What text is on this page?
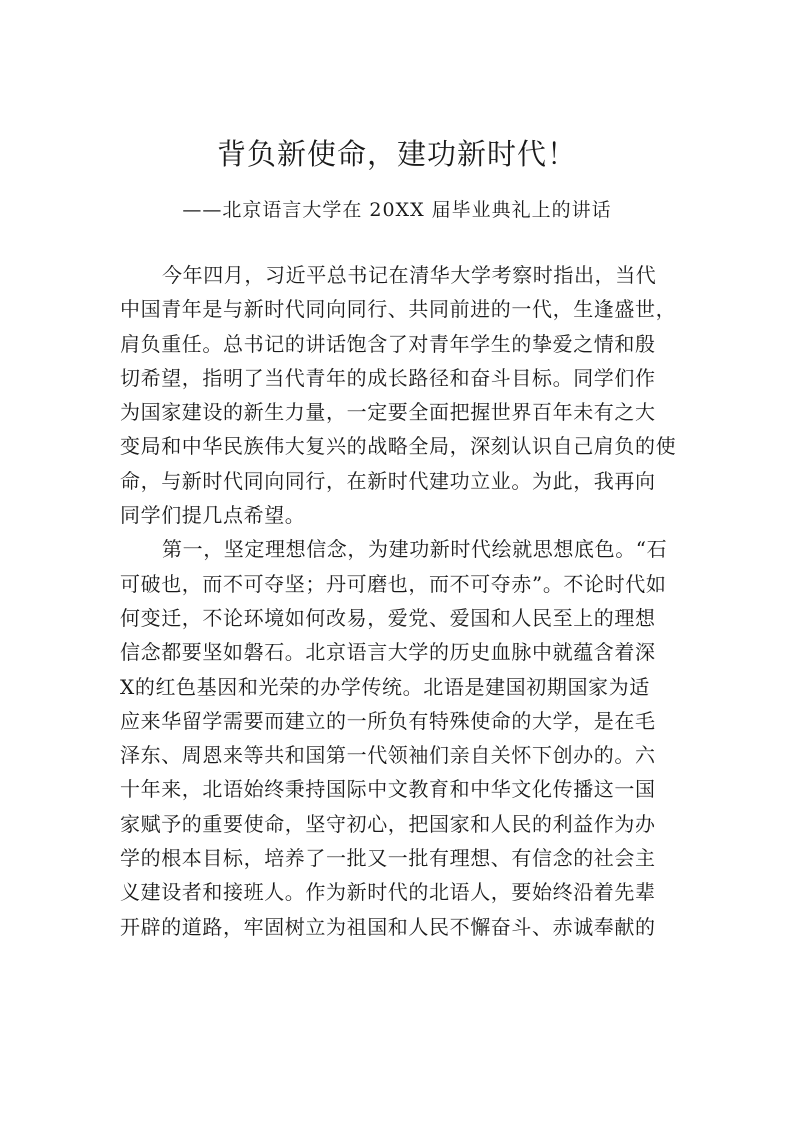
背负新使命，建功新时代！
——北京语言大学在 20XX 届毕业典礼上的讲话
今年四月，习近平总书记在清华大学考察时指出，当代
中国青年是与新时代同向同行、共同前进的一代，生逢盛世，
肩负重任。总书记的讲话饱含了对青年学生的挚爱之情和殷
切希望，指明了当代青年的成长路径和奋斗目标。同学们作
为国家建设的新生力量，一定要全面把握世界百年未有之大
变局和中华民族伟大复兴的战略全局，深刻认识自己肩负的使
命，与新时代同向同行，在新时代建功立业。为此，我再向
同学们提几点希望。
第一，坚定理想信念，为建功新时代绘就思想底色。“石
可破也，而不可夺坚；丹可磨也，而不可夺赤”。不论时代如
何变迁，不论环境如何改易，爱党、爱国和人民至上的理想
信念都要坚如磐石。北京语言大学的历史血脉中就蕴含着深
X的红色基因和光荣的办学传统。北语是建国初期国家为适
应来华留学需要而建立的一所负有特殊使命的大学，是在毛
泽东、周恩来等共和国第一代领袖们亲自关怀下创办的。六
十年来，北语始终秉持国际中文教育和中华文化传播这一国
家赋予的重要使命，坚守初心，把国家和人民的利益作为办
学的根本目标，培养了一批又一批有理想、有信念的社会主
义建设者和接班人。作为新时代的北语人，要始终沿着先辈
开辟的道路，牢固树立为祖国和人民不懈奋斗、赤诚奉献的
